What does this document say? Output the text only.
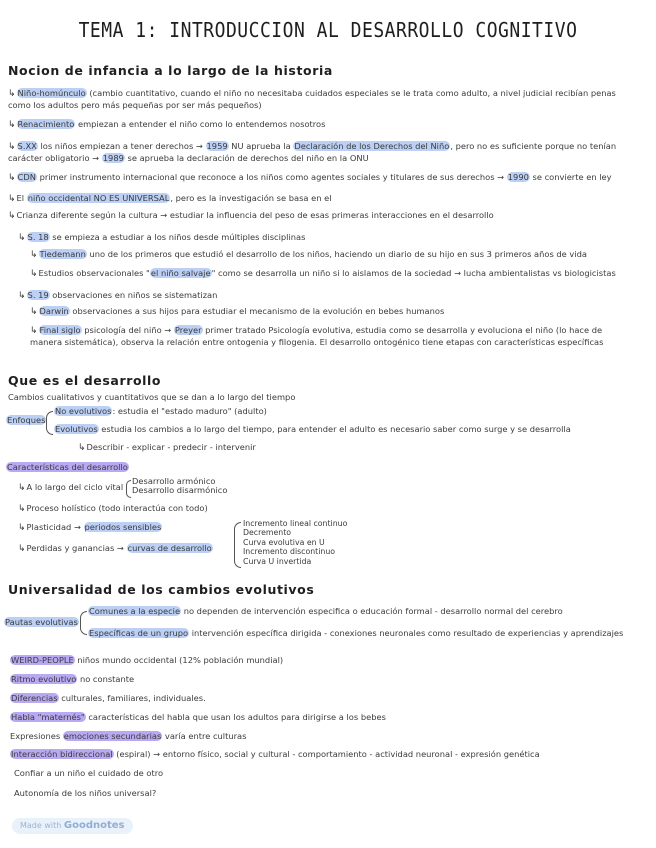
TEMA 1: INTRODUCCION AL DESARROLLO COGNITIVO
Nocion de infancia a lo largo de la historia
↳ Niño-homúnculo (cambio cuantitativo, cuando el niño no necesitaba cuidados especiales se le trata como adulto, a nivel judicial recibían penas como los adultos pero más pequeñas por ser más pequeños)
↳ Renacimiento empiezan a entender el niño como lo entendemos nosotros
↳ S.XX los niños empiezan a tener derechos → 1959 NU aprueba la Declaración de los Derechos del Niño, pero no es suficiente porque no tenían carácter obligatorio → 1989 se aprueba la declaración de derechos del niño en la ONU
↳ CDN primer instrumento internacional que reconoce a los niños como agentes sociales y titulares de sus derechos → 1990 se convierte en ley
↳El niño occidental NO ES UNIVERSAL, pero es la investigación se basa en el
↳Crianza diferente según la cultura → estudiar la influencia del peso de esas primeras interacciones en el desarrollo
↳ S. 18 se empieza a estudiar a los niños desde múltiples disciplinas
↳ Tiedemann uno de los primeros que estudió el desarrollo de los niños, haciendo un diario de su hijo en sus 3 primeros años de vida
↳Estudios observacionales "el niño salvaje" como se desarrolla un niño si lo aislamos de la sociedad → lucha ambientalistas vs biologicistas
↳ S. 19 observaciones en niños se sistematizan
↳ Darwin observaciones a sus hijos para estudiar el mecanismo de la evolución en bebes humanos
↳ Final siglo psicología del niño → Preyer primer tratado Psicología evolutiva, estudia como se desarrolla y evoluciona el niño (lo hace de manera sistemática), observa la relación entre ontogenia y filogenia. El desarrollo ontogénico tiene etapas con características específicas
Que es el desarrollo
Cambios cualitativos y cuantitativos que se dan a lo largo del tiempo
Enfoques
No evolutivos: estudia el "estado maduro" (adulto)
Evolutivos estudia los cambios a lo largo del tiempo, para entender el adulto es necesario saber como surge y se desarrolla
↳Describir - explicar - predecir - intervenir
Características del desarrollo
↳A lo largo del ciclo vital
Desarrollo armónico
Desarrollo disarmónico
↳Proceso holístico (todo interactúa con todo)
↳Plasticidad → periodos sensibles
↳Perdidas y ganancias → curvas de desarrollo
Incremento lineal continuo
Decremento
Curva evolutiva en U
Incremento discontinuo
Curva U invertida
Universalidad de los cambios evolutivos
Pautas evolutivas
Comunes a la especie no dependen de intervención especifica o educación formal - desarrollo normal del cerebro
Específicas de un grupo intervención específica dirigida - conexiones neuronales como resultado de experiencias y aprendizajes
WEIRD-PEOPLE niños mundo occidental (12% población mundial)
Ritmo evolutivo no constante
Diferencias culturales, familiares, individuales.
Habla "maternés" características del habla que usan los adultos para dirigirse a los bebes
Expresiones emociones secundarias varía entre culturas
Interacción bidireccional (espiral) → entorno físico, social y cultural - comportamiento - actividad neuronal - expresión genética
Confiar a un niño el cuidado de otro
Autonomía de los niños universal?
Made with Goodnotes
